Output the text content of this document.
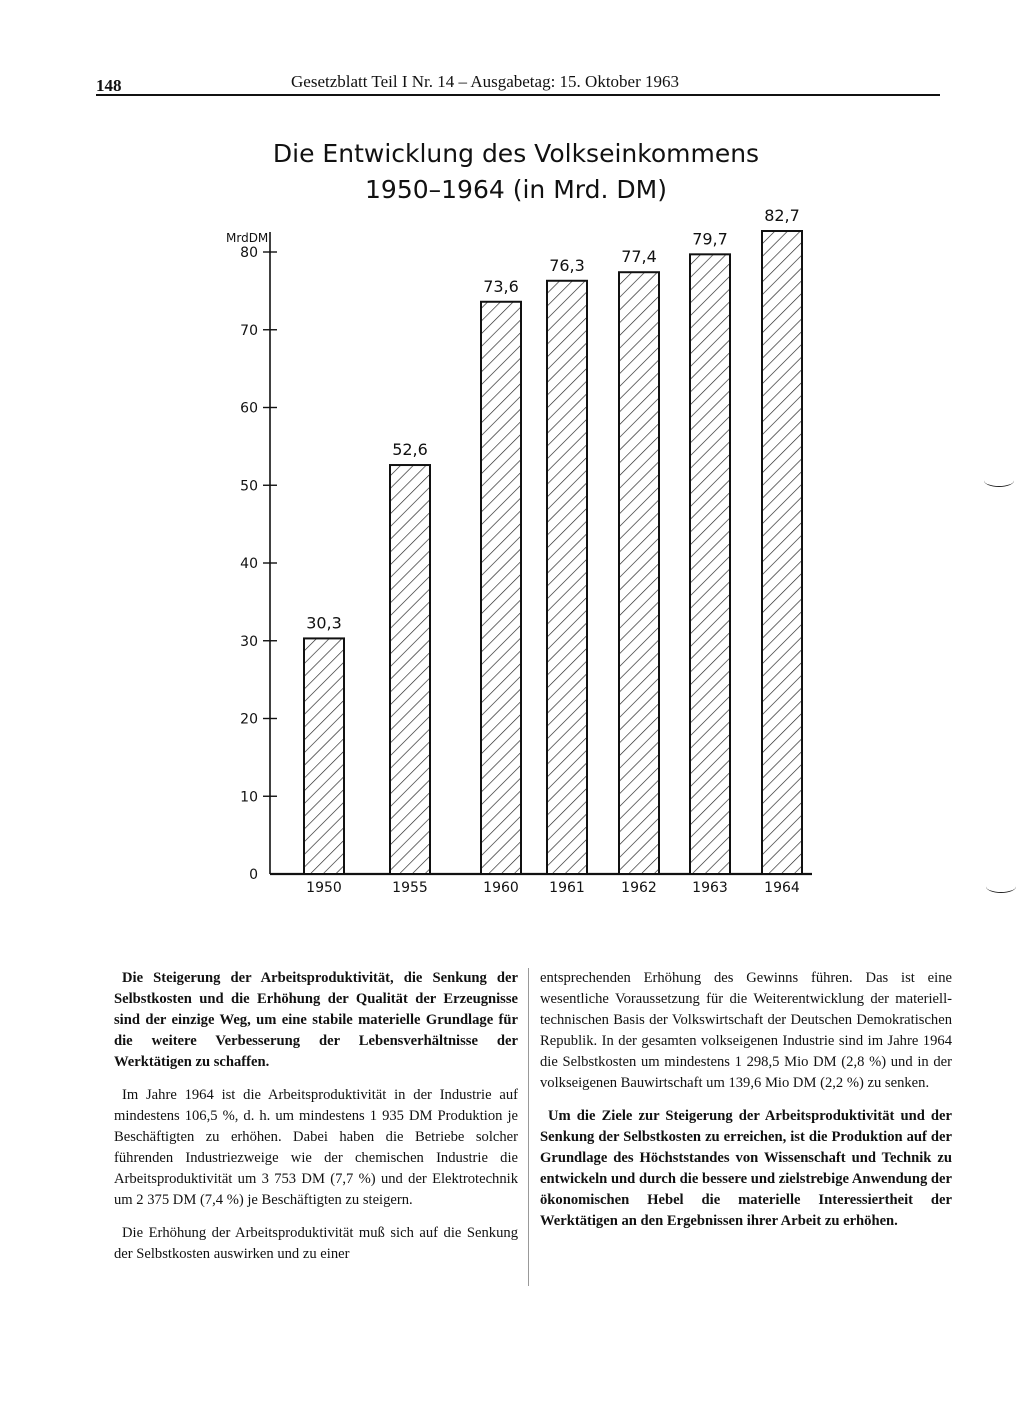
148	Gesetzblatt Teil I Nr. 14 – Ausgabetag: 15. Oktober 1963
Die Entwicklung des Volkseinkommens
1950–1964 (in Mrd. DM)
MrdDM
0
10
20
30
40
50
60
70
80
30,3
1950
52,6
1955
73,6
1960
76,3
1961
77,4
1962
79,7
1963
82,7
1964

Die Steigerung der Arbeitsproduktivität, die Senkung der Selbstkosten und die Erhöhung der Qualität der Erzeugnisse sind der einzige Weg, um eine stabile materielle Grundlage für die weitere Verbesserung der Lebensverhältnisse der Werktätigen zu schaffen.

Im Jahre 1964 ist die Arbeitsproduktivität in der Industrie auf mindestens 106,5 %, d. h. um mindestens 1 935 DM Produktion je Beschäftigten zu erhöhen. Dabei haben die Betriebe solcher führenden Industriezweige wie der chemischen Industrie die Arbeitsproduktivität um 3 753 DM (7,7 %) und der Elektrotechnik um 2 375 DM (7,4 %) je Beschäftigten zu steigern.

Die Erhöhung der Arbeitsproduktivität muß sich auf die Senkung der Selbstkosten auswirken und zu einer

entsprechenden Erhöhung des Gewinns führen. Das ist eine wesentliche Voraussetzung für die Weiterentwicklung der materiell-technischen Basis der Volkswirtschaft der Deutschen Demokratischen Republik. In der gesamten volkseigenen Industrie sind im Jahre 1964 die Selbstkosten um mindestens 1 298,5 Mio DM (2,8 %) und in der volkseigenen Bauwirtschaft um 139,6 Mio DM (2,2 %) zu senken.

Um die Ziele zur Steigerung der Arbeitsproduktivität und der Senkung der Selbstkosten zu erreichen, ist die Produktion auf der Grundlage des Höchststandes von Wissenschaft und Technik zu entwickeln und durch die bessere und zielstrebige Anwendung der ökonomischen Hebel die materielle Interessiertheit der Werktätigen an den Ergebnissen ihrer Arbeit zu erhöhen.
